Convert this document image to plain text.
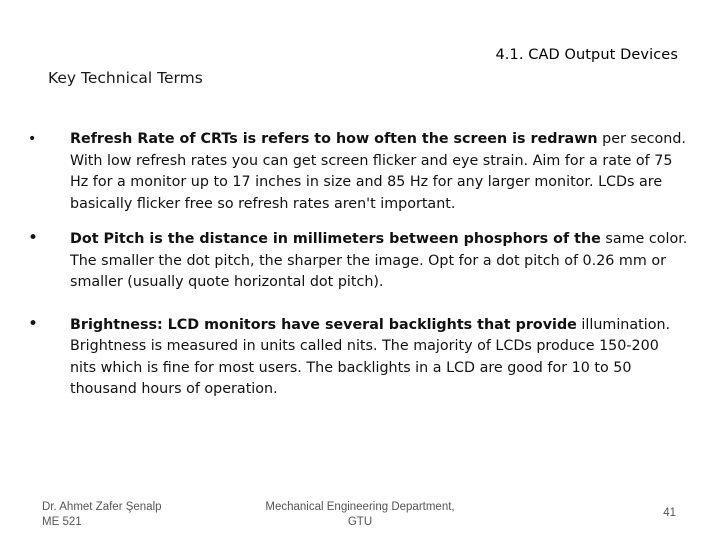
4.1. CAD Output Devices
Key Technical Terms
•	Refresh Rate of CRTs is refers to how often the screen is redrawn per second. With low refresh rates you can get screen flicker and eye strain. Aim for a rate of 75 Hz for a monitor up to 17 inches in size and 85 Hz for any larger monitor. LCDs are basically flicker free so refresh rates aren't important.
•	Dot Pitch is the distance in millimeters between phosphors of the same color. The smaller the dot pitch, the sharper the image. Opt for a dot pitch of 0.26 mm or smaller (usually quote horizontal dot pitch).
•	Brightness: LCD monitors have several backlights that provide illumination. Brightness is measured in units called nits. The majority of LCDs produce 150-200 nits which is fine for most users. The backlights in a LCD are good for 10 to 50 thousand hours of operation.
Dr. Ahmet Zafer Şenalp
ME 521
Mechanical Engineering Department,
GTU
41
